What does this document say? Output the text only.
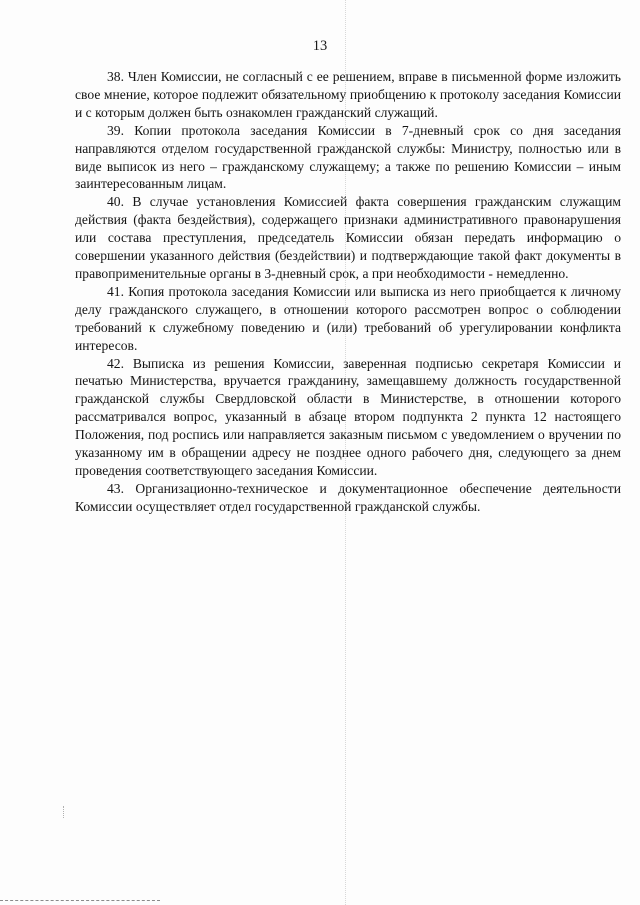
13

38. Член Комиссии, не согласный с ее решением, вправе в письменной форме изложить свое мнение, которое подлежит обязательному приобщению к протоколу заседания Комиссии и с которым должен быть ознакомлен гражданский служащий.

39. Копии протокола заседания Комиссии в 7-дневный срок со дня заседания направляются отделом государственной гражданской службы: Министру, полностью или в виде выписок из него – гражданскому служащему; а также по решению Комиссии – иным заинтересованным лицам.

40. В случае установления Комиссией факта совершения гражданским служащим действия (факта бездействия), содержащего признаки административного правонарушения или состава преступления, председатель Комиссии обязан передать информацию о совершении указанного действия (бездействии) и подтверждающие такой факт документы в правоприменительные органы в 3-дневный срок, а при необходимости - немедленно.

41. Копия протокола заседания Комиссии или выписка из него приобщается к личному делу гражданского служащего, в отношении которого рассмотрен вопрос о соблюдении требований к служебному поведению и (или) требований об урегулировании конфликта интересов.

42. Выписка из решения Комиссии, заверенная подписью секретаря Комиссии и печатью Министерства, вручается гражданину, замещавшему должность государственной гражданской службы Свердловской области в Министерстве, в отношении которого рассматривался вопрос, указанный в абзаце втором подпункта 2 пункта 12 настоящего Положения, под роспись или направляется заказным письмом с уведомлением о вручении по указанному им в обращении адресу не позднее одного рабочего дня, следующего за днем проведения соответствующего заседания Комиссии.

43. Организационно-техническое и документационное обеспечение деятельности Комиссии осуществляет отдел государственной гражданской службы.
